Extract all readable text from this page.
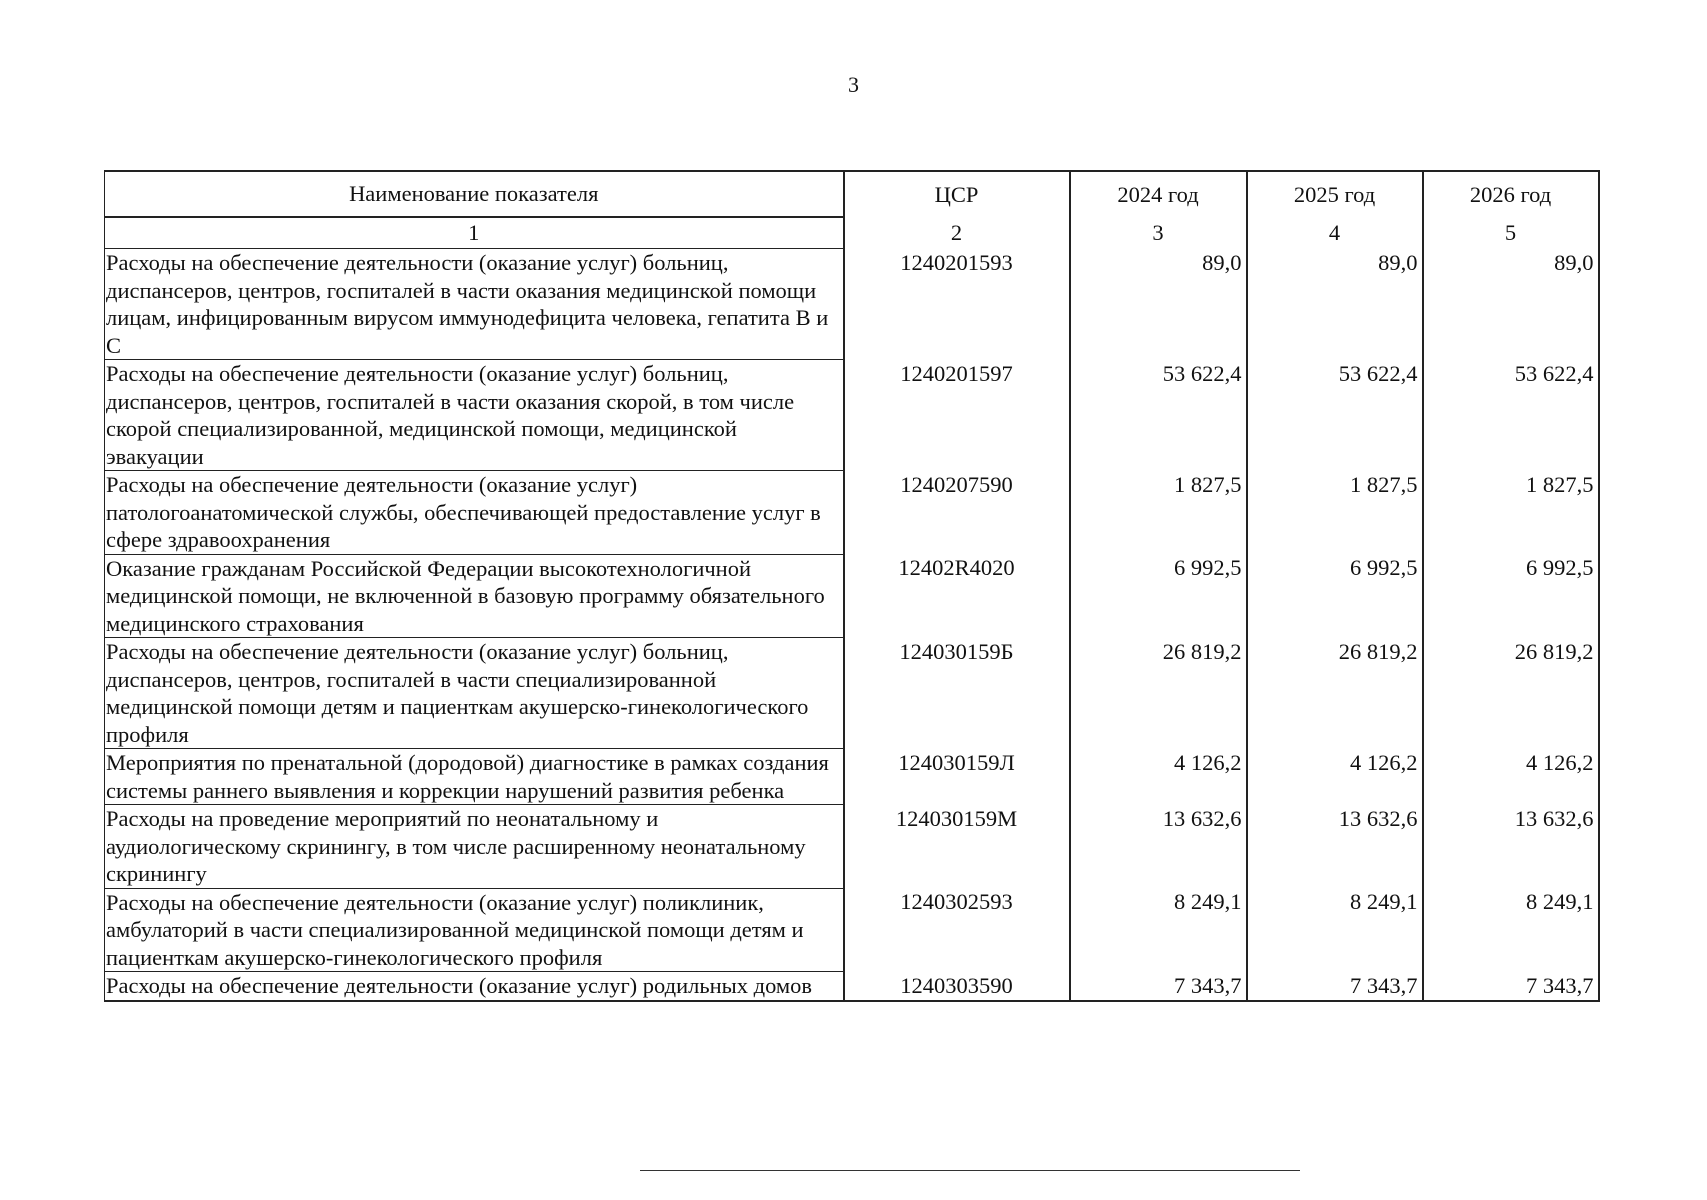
3
Наименование показателя	ЦСР	2024 год	2025 год	2026 год
1	2	3	4	5
Расходы на обеспечение деятельности (оказание услуг) больниц, диспансеров, центров, госпиталей в части оказания медицинской помощи лицам, инфицированным вирусом иммунодефицита человека, гепатита В и С	1240201593	89,0	89,0	89,0
Расходы на обеспечение деятельности (оказание услуг) больниц, диспансеров, центров, госпиталей в части оказания скорой, в том числе скорой специализированной, медицинской помощи, медицинской эвакуации	1240201597	53 622,4	53 622,4	53 622,4
Расходы на обеспечение деятельности (оказание услуг) патологоанатомической службы, обеспечивающей предоставление услуг в сфере здравоохранения	1240207590	1 827,5	1 827,5	1 827,5
Оказание гражданам Российской Федерации высокотехнологичной медицинской помощи, не включенной в базовую программу обязательного медицинского страхования	12402R4020	6 992,5	6 992,5	6 992,5
Расходы на обеспечение деятельности (оказание услуг) больниц, диспансеров, центров, госпиталей в части специализированной медицинской помощи детям и пациенткам акушерско-гинекологического профиля	124030159Б	26 819,2	26 819,2	26 819,2
Мероприятия по пренатальной (дородовой) диагностике в рамках создания системы раннего выявления и коррекции нарушений развития ребенка	124030159Л	4 126,2	4 126,2	4 126,2
Расходы на проведение мероприятий по неонатальному и аудиологическому скринингу, в том числе расширенному неонатальному скринингу	124030159М	13 632,6	13 632,6	13 632,6
Расходы на обеспечение деятельности (оказание услуг) поликлиник, амбулаторий в части специализированной медицинской помощи детям и пациенткам акушерско-гинекологического профиля	1240302593	8 249,1	8 249,1	8 249,1
Расходы на обеспечение деятельности (оказание услуг) родильных домов	1240303590	7 343,7	7 343,7	7 343,7
